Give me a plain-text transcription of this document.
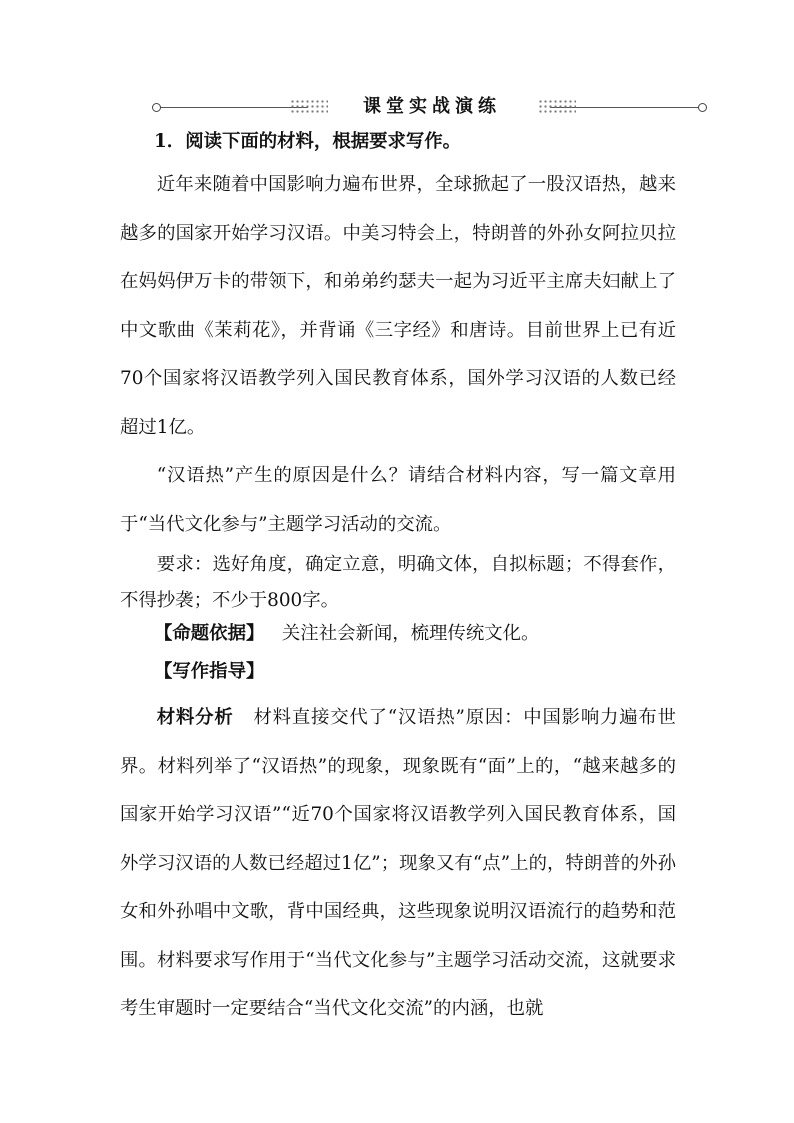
课堂实战演练
1．阅读下面的材料，根据要求写作。
近年来随着中国影响力遍布世界，全球掀起了一股汉语热，越来越多的国家开始学习汉语。中美习特会上，特朗普的外孙女阿拉贝拉在妈妈伊万卡的带领下，和弟弟约瑟夫一起为习近平主席夫妇献上了中文歌曲《茉莉花》，并背诵《三字经》和唐诗。目前世界上已有近70个国家将汉语教学列入国民教育体系，国外学习汉语的人数已经超过1亿。
“汉语热”产生的原因是什么？请结合材料内容，写一篇文章用于“当代文化参与”主题学习活动的交流。
要求：选好角度，确定立意，明确文体，自拟标题；不得套作，不得抄袭；不少于800字。
【命题依据】 关注社会新闻，梳理传统文化。
【写作指导】
材料分析 材料直接交代了“汉语热”原因：中国影响力遍布世界。材料列举了“汉语热”的现象，现象既有“面”上的，“越来越多的国家开始学习汉语”“近70个国家将汉语教学列入国民教育体系，国外学习汉语的人数已经超过1亿”；现象又有“点”上的，特朗普的外孙女和外孙唱中文歌，背中国经典，这些现象说明汉语流行的趋势和范围。材料要求写作用于“当代文化参与”主题学习活动交流，这就要求考生审题时一定要结合“当代文化交流”的内涵，也就
